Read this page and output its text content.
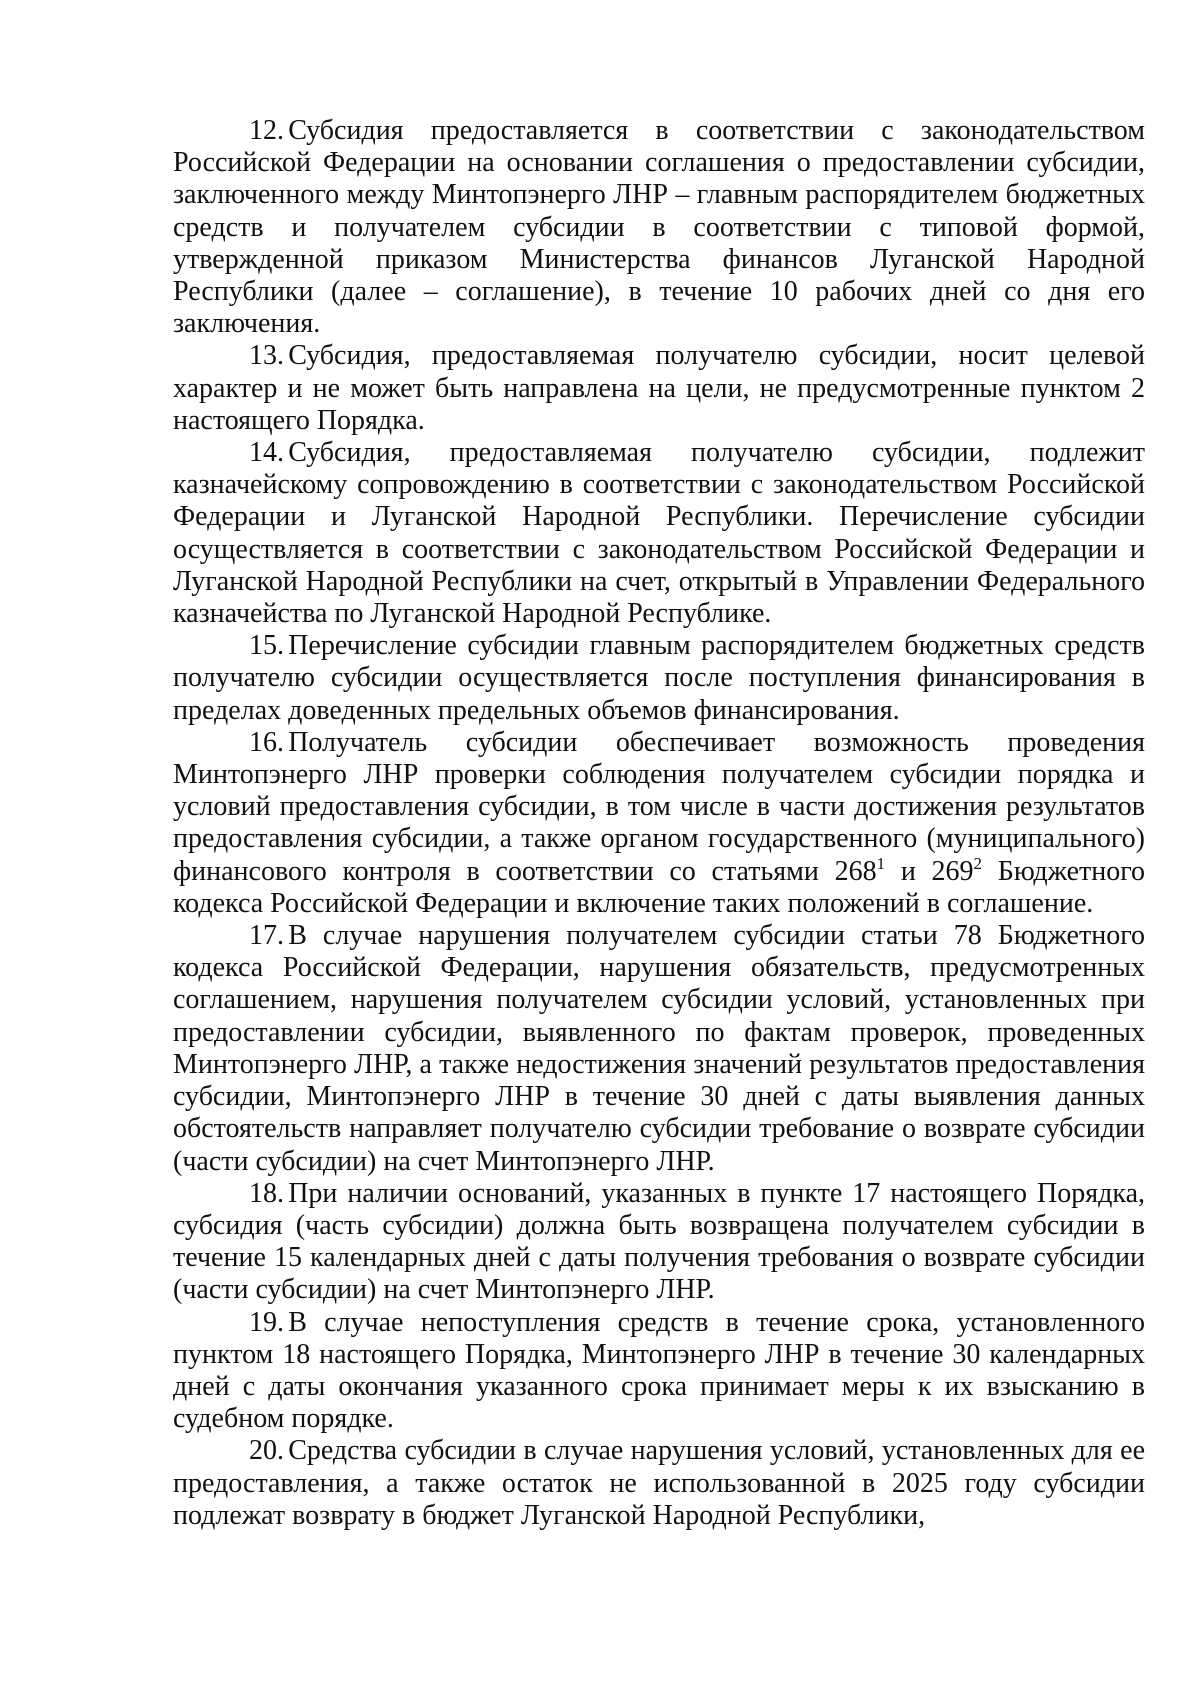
12. Субсидия предоставляется в соответствии с законодательством Российской Федерации на основании соглашения о предоставлении субсидии, заключенного между Минтопэнерго ЛНР – главным распорядителем бюджетных средств и получателем субсидии в соответствии с типовой формой, утвержденной приказом Министерства финансов Луганской Народной Республики (далее – соглашение), в течение 10 рабочих дней со дня его заключения.

13. Субсидия, предоставляемая получателю субсидии, носит целевой характер и не может быть направлена на цели, не предусмотренные пунктом 2 настоящего Порядка.

14. Субсидия, предоставляемая получателю субсидии, подлежит казначейскому сопровождению в соответствии с законодательством Российской Федерации и Луганской Народной Республики. Перечисление субсидии осуществляется в соответствии с законодательством Российской Федерации и Луганской Народной Республики на счет, открытый в Управлении Федерального казначейства по Луганской Народной Республике.

15. Перечисление субсидии главным распорядителем бюджетных средств получателю субсидии осуществляется после поступления финансирования в пределах доведенных предельных объемов финансирования.

16. Получатель субсидии обеспечивает возможность проведения Минтопэнерго ЛНР проверки соблюдения получателем субсидии порядка и условий предоставления субсидии, в том числе в части достижения результатов предоставления субсидии, а также органом государственного (муниципального) финансового контроля в соответствии со статьями $268^1$ и $269^2$ Бюджетного кодекса Российской Федерации и включение таких положений в соглашение.

17. В случае нарушения получателем субсидии статьи 78 Бюджетного кодекса Российской Федерации, нарушения обязательств, предусмотренных соглашением, нарушения получателем субсидии условий, установленных при предоставлении субсидии, выявленного по фактам проверок, проведенных Минтопэнерго ЛНР, а также недостижения значений результатов предоставления субсидии, Минтопэнерго ЛНР в течение 30 дней с даты выявления данных обстоятельств направляет получателю субсидии требование о возврате субсидии (части субсидии) на счет Минтопэнерго ЛНР.

18. При наличии оснований, указанных в пункте 17 настоящего Порядка, субсидия (часть субсидии) должна быть возвращена получателем субсидии в течение 15 календарных дней с даты получения требования о возврате субсидии (части субсидии) на счет Минтопэнерго ЛНР.

19. В случае непоступления средств в течение срока, установленного пунктом 18 настоящего Порядка, Минтопэнерго ЛНР в течение 30 календарных дней с даты окончания указанного срока принимает меры к их взысканию в судебном порядке.

20. Средства субсидии в случае нарушения условий, установленных для ее предоставления, а также остаток не использованной в 2025 году субсидии подлежат возврату в бюджет Луганской Народной Республики,
